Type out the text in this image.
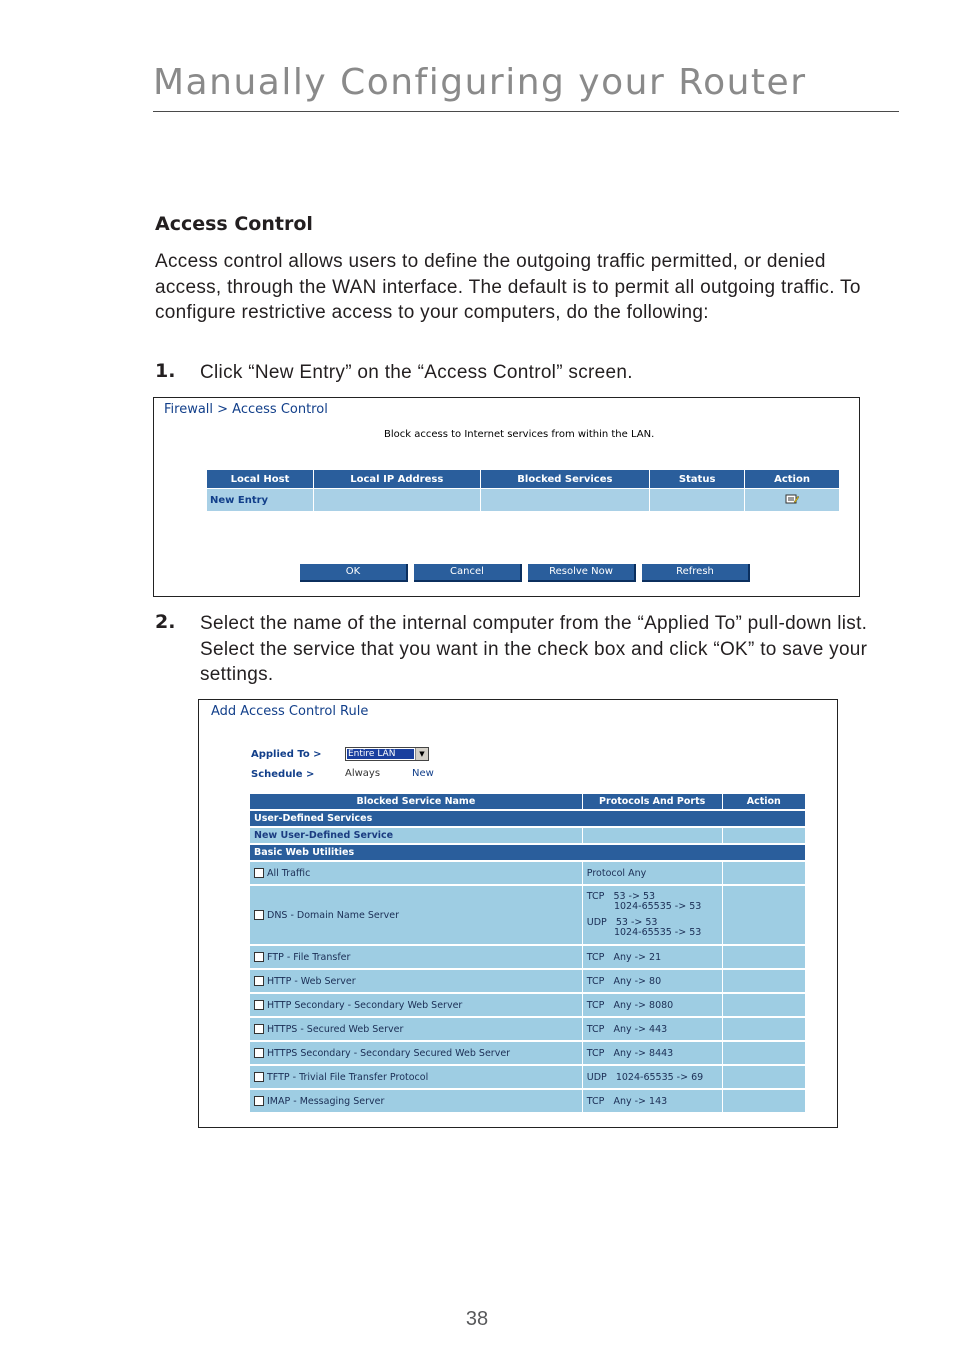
Manually Configuring your Router
Access Control
Access control allows users to define the outgoing traffic permitted, or denied access, through the WAN interface. The default is to permit all outgoing traffic. To configure restrictive access to your computers, do the following:
1. Click “New Entry” on the “Access Control” screen.
Firewall > Access Control
Block access to Internet services from within the LAN.
Local Host	Local IP Address	Blocked Services	Status	Action
New Entry				
OK	Cancel	Resolve Now	Refresh
2. Select the name of the internal computer from the “Applied To” pull-down list. Select the service that you want in the check box and click “OK” to save your settings.
Add Access Control Rule
Applied To >	Entire LAN	▼
Schedule >	Always	New
Blocked Service Name	Protocols And Ports	Action
User-Defined Services		
New User-Defined Service		
Basic Web Utilities		
All Traffic	Protocol Any	
DNS - Domain Name Server	TCP   53 -> 53
1024-65535 -> 53
UDP   53 -> 53
1024-65535 -> 53	

FTP - File Transfer	TCP   Any -> 21	
HTTP - Web Server	TCP   Any -> 80	
HTTP Secondary - Secondary Web Server	TCP   Any -> 8080	
HTTPS - Secured Web Server	TCP   Any -> 443	
HTTPS Secondary - Secondary Secured Web Server	TCP   Any -> 8443	
TFTP - Trivial File Transfer Protocol	UDP   1024-65535 -> 69	
IMAP - Messaging Server	TCP   Any -> 143	
38
